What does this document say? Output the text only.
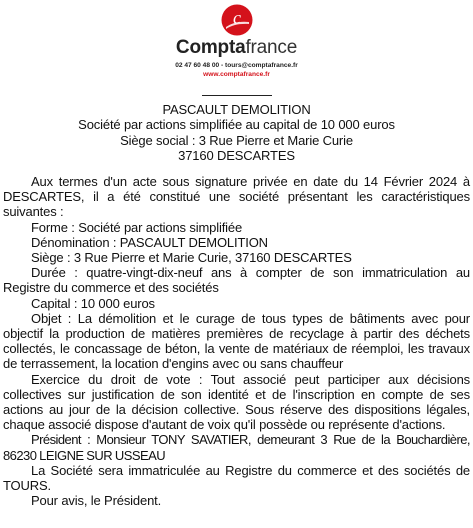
c
Comptafrance
02 47 60 48 00 - tours@comptafrance.fr
www.comptafrance.fr
PASCAULT DEMOLITION
Société par actions simplifiée au capital de 10 000 euros
Siège social : 3 Rue Pierre et Marie Curie
37160 DESCARTES

Aux termes d'un acte sous signature privée en date du 14 Février 2024 à DESCARTES, il a été constitué une société présentant les caractéristiques suivantes :

Forme : Société par actions simplifiée

Dénomination : PASCAULT DEMOLITION

Siège : 3 Rue Pierre et Marie Curie, 37160 DESCARTES

Durée : quatre-vingt-dix-neuf ans à compter de son immatriculation au Registre du commerce et des sociétés

Capital : 10 000 euros

Objet : La démolition et le curage de tous types de bâtiments avec pour objectif la production de matières premières de recyclage à partir des déchets collectés, le concassage de béton, la vente de matériaux de réemploi, les travaux de terrassement, la location d'engins avec ou sans chauffeur

Exercice du droit de vote : Tout associé peut participer aux décisions collectives sur justification de son identité et de l'inscription en compte de ses actions au jour de la décision collective. Sous réserve des dispositions légales, chaque associé dispose d'autant de voix qu'il possède ou représente d'actions.

Président : Monsieur TONY SAVATIER, demeurant 3 Rue de la Bouchardière, 86230 LEIGNE SUR USSEAU

La Société sera immatriculée au Registre du commerce et des sociétés de TOURS.

Pour avis, le Président.
